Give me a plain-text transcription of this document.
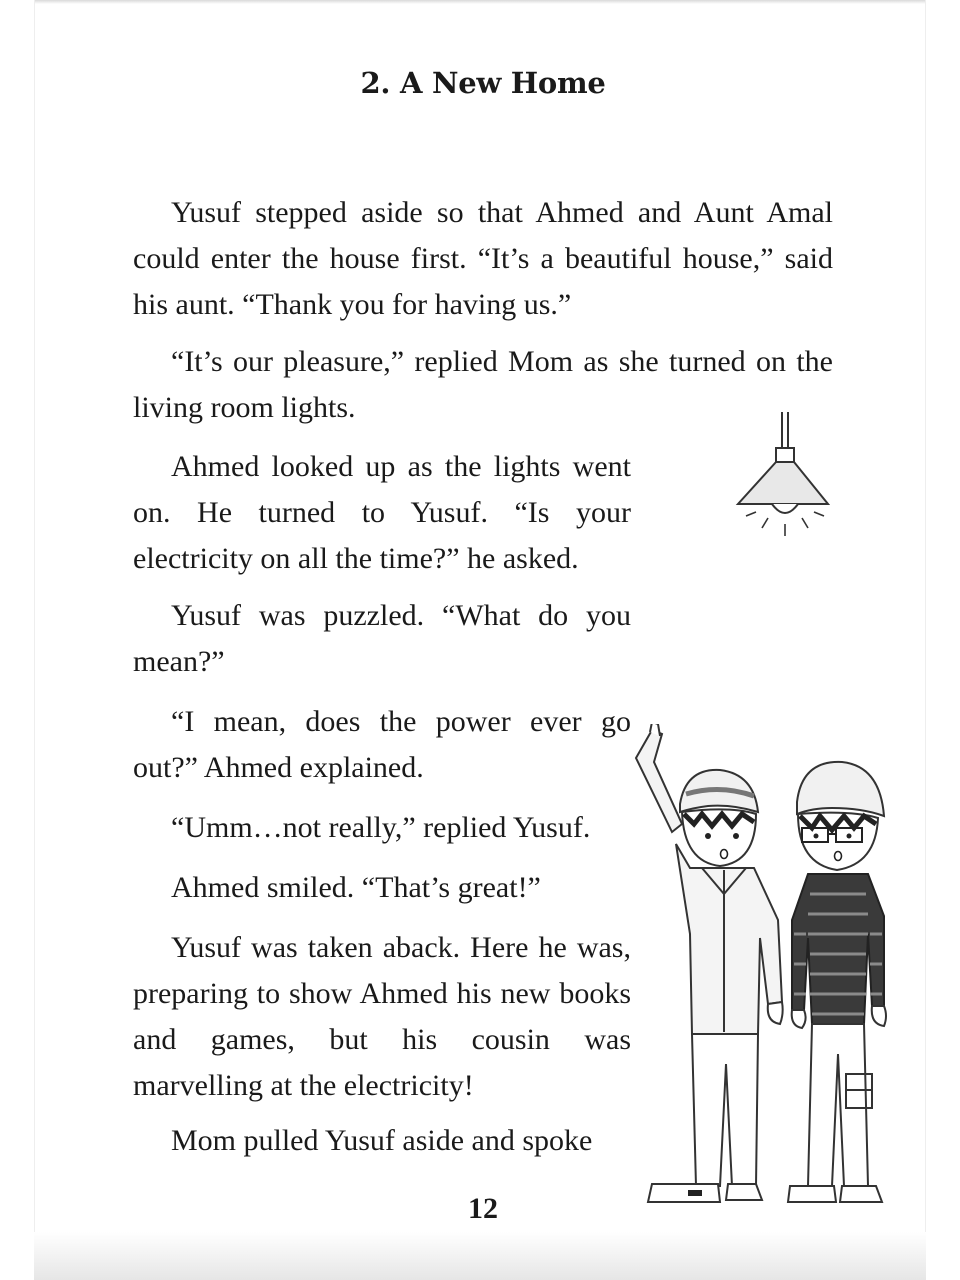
2. A New Home

Yusuf stepped aside so that Ahmed and Aunt Amal could enter the house first. “It’s a beautiful house,” said his aunt. “Thank you for having us.”

“It’s our pleasure,” replied Mom as she turned on the living room lights.

Ahmed looked up as the lights went on. He turned to Yusuf. “Is your electricity on all the time?” he asked.

Yusuf was puzzled. “What do you mean?”

“I mean, does the power ever go out?” Ahmed explained.

“Umm…not really,” replied Yusuf.

Ahmed smiled. “That’s great!”

Yusuf was taken aback. Here he was, preparing to show Ahmed his new books and games, but his cousin was marvelling at the electricity!

Mom pulled Yusuf aside and spoke

12
